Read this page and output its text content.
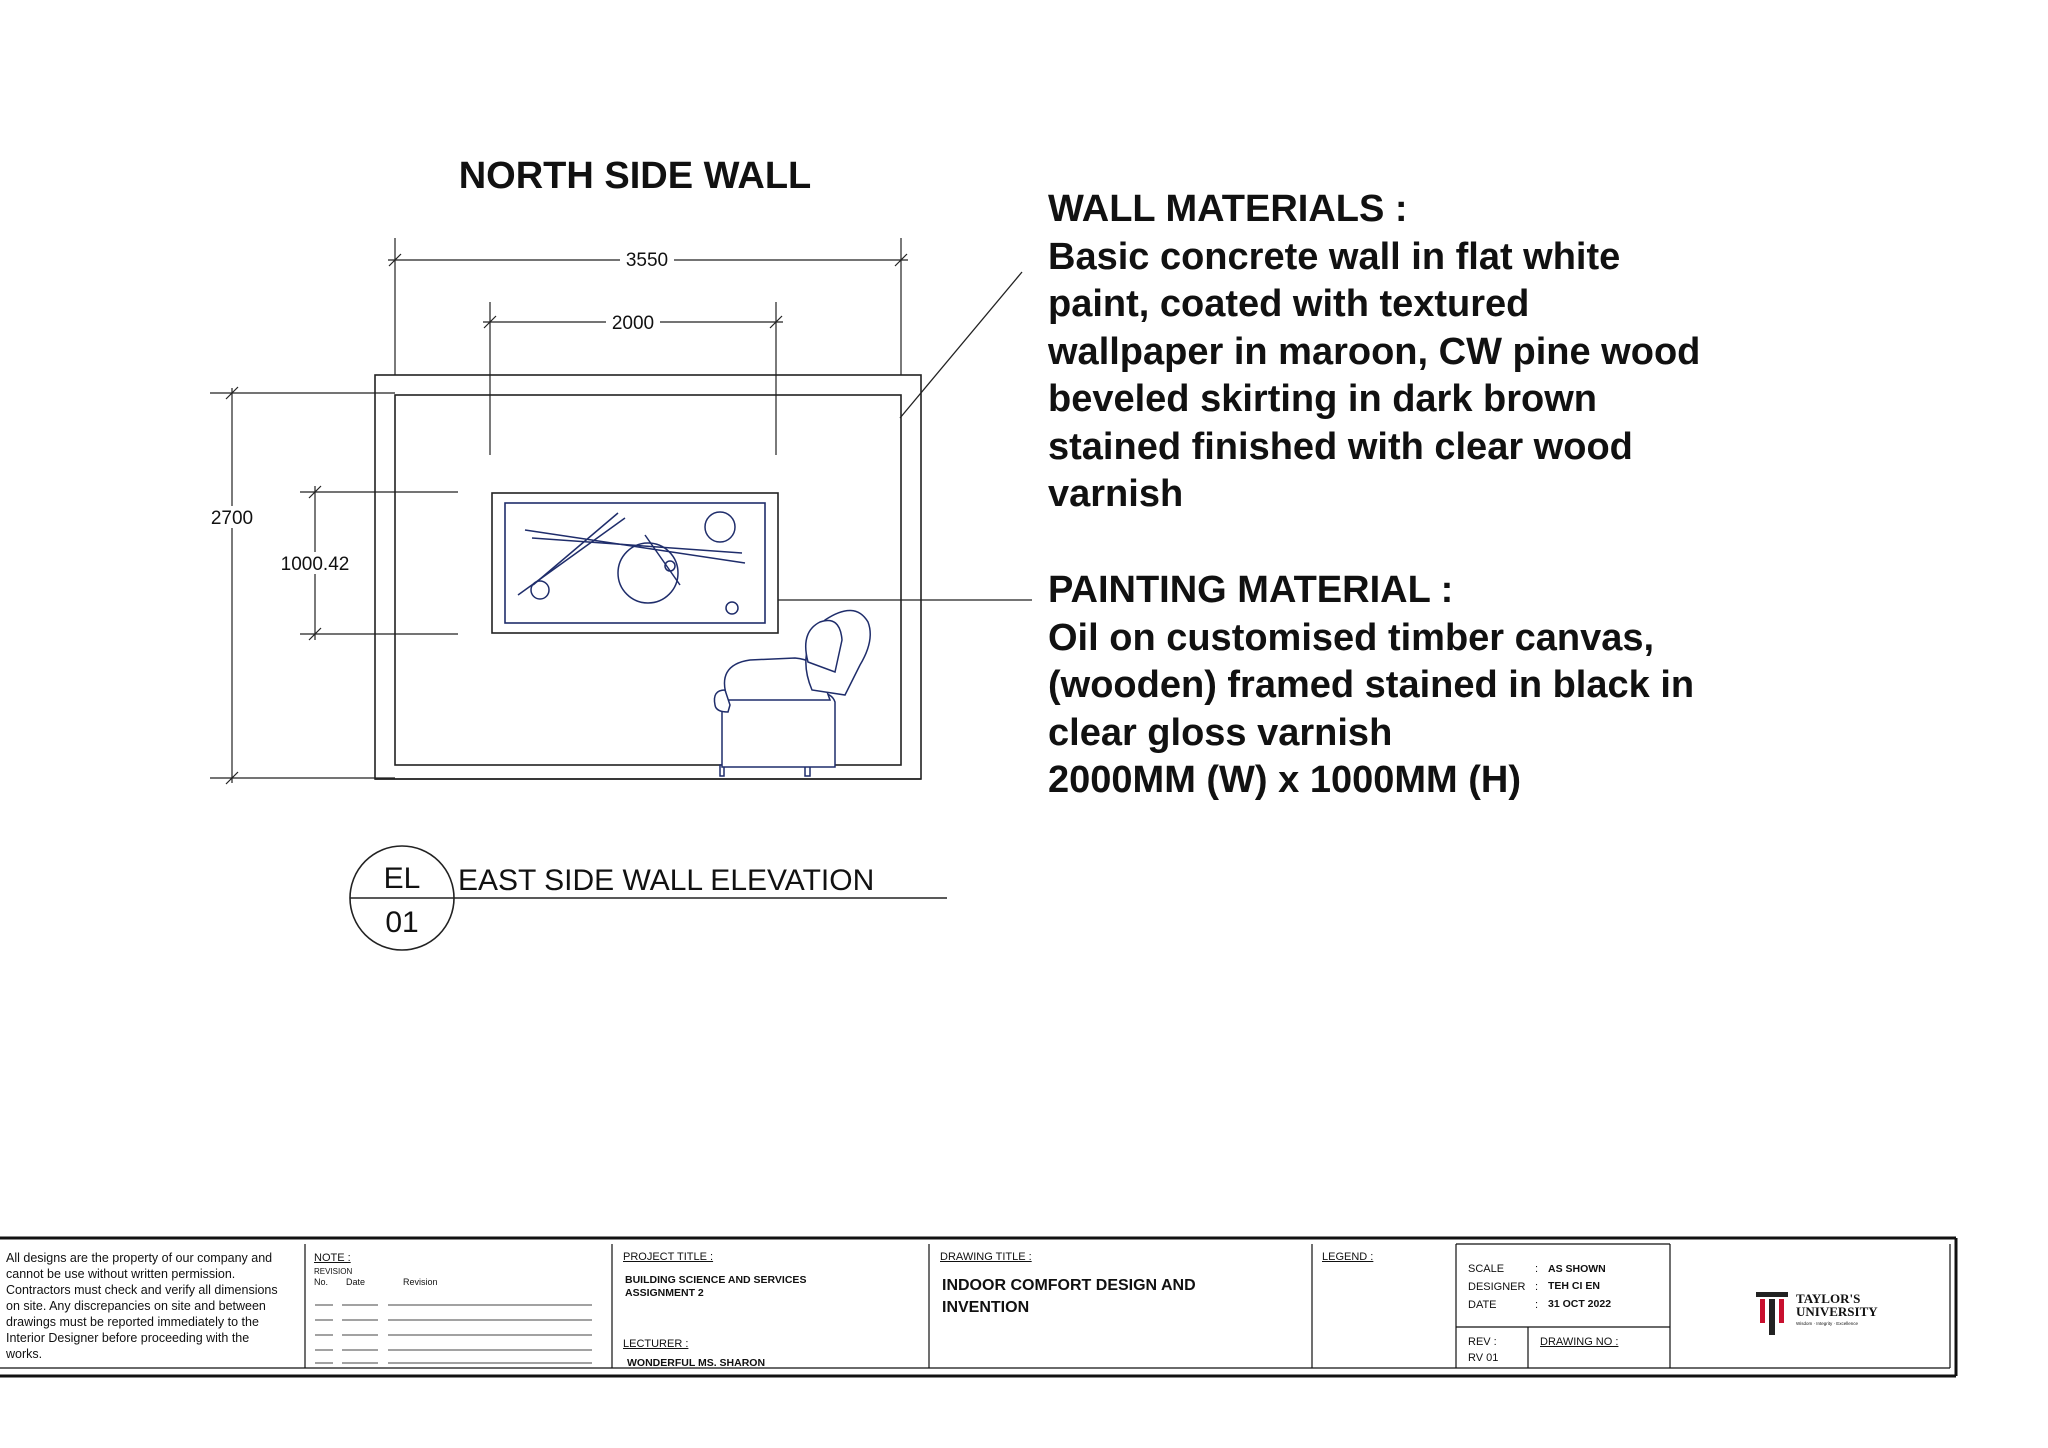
NORTH SIDE WALL
3550
2000
2700
1000.42
EL
01
EAST SIDE WALL ELEVATION
WALL MATERIALS :
Basic concrete wall in flat white
paint, coated with textured
wallpaper in maroon, CW pine wood
beveled skirting in dark brown
stained finished with clear wood
varnish
PAINTING MATERIAL :
Oil on customised timber canvas,
(wooden) framed stained in black in
clear gloss varnish
2000MM (W) x 1000MM (H)
All designs are the property of our company and
cannot be use without written permission.
Contractors must check and verify all dimensions
on site. Any discrepancies on site and between
drawings must be reported immediately to the
Interior Designer before proceeding with the
works.
NOTE :
REVISION
No. Date	Revision
PROJECT TITLE :
BUILDING SCIENCE AND SERVICES
ASSIGNMENT 2
LECTURER :
WONDERFUL MS. SHARON
DRAWING TITLE :
INDOOR COMFORT DESIGN AND
INVENTION
LEGEND :
SCALE	: AS SHOWN
DESIGNER : TEH CI EN
DATE	: 31 OCT 2022
REV :
RV 01
DRAWING NO :
TAYLOR'S
UNIVERSITY
Wisdom · Integrity · Excellence
